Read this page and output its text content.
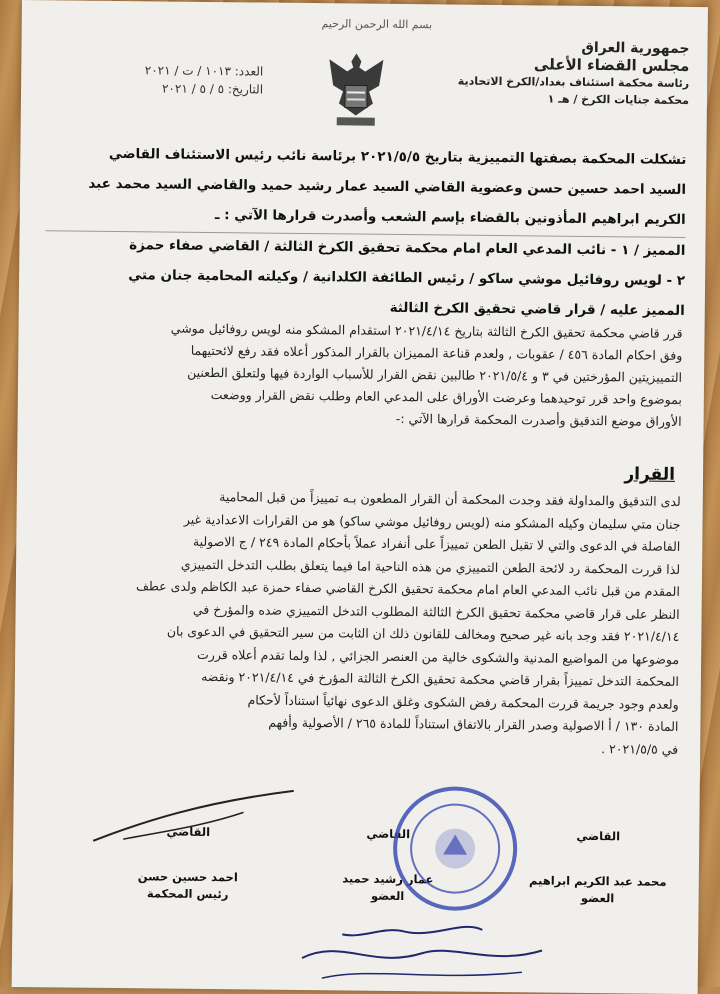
بسم الله الرحمن الرحيم
جمهورية العراق
مجلس القضاء الأعلى
رئاسة محكمة استئناف بغداد/الكرخ الاتحادية
محكمة جنايات الكرخ / هـ ١
العدد: ١٠١٣ / ت / ٢٠٢١
التاريخ: ٥ / ٥ / ٢٠٢١
تشكلت المحكمة بصفتها التمييزية بتاريخ ٢٠٢١/٥/٥ برئاسة نائب رئيس الاستئناف القاضي
السيد احمد حسين حسن وعضوية القاضي السيد عمار رشيد حميد والقاضي السيد محمد عبد
الكريم ابراهيم المأذونين بالقضاء بإسم الشعب وأصدرت قرارها الآتي : ـ
المميز / ١ - نائب المدعي العام امام محكمة تحقيق الكرخ الثالثة / القاضي صفاء حمزة
٢ - لويس روفائيل موشي ساكو / رئيس الطائفة الكلدانية / وكيلته المحامية جنان متي
المميز عليه / قرار قاضي تحقيق الكرخ الثالثة
قرر قاضي محكمة تحقيق الكرخ الثالثة بتاريخ ٢٠٢١/٤/١٤ استقدام المشكو منه لويس روفائيل موشي
وفق احكام المادة ٤٥٦ / عقوبات , ولعدم قناعة المميزان بالقرار المذكور أعلاه فقد رفع لائحتيهما
التمييزيتين المؤرختين في ٣ و ٢٠٢١/٥/٤ طالبين نقض القرار للأسباب الواردة فيها ولتعلق الطعنين
بموضوع واحد قرر توحيدهما وعرضت الأوراق على المدعي العام وطلب نقض القرار ووضعت
الأوراق موضع التدقيق وأصدرت المحكمة قرارها الآتي :-
القرار
لدى التدقيق والمداولة فقد وجدت المحكمة أن القرار المطعون بـه تمييزاً من قبل المحامية
جنان متي سليمان وكيله المشكو منه (لويس روفائيل موشي ساكو) هو من القرارات الاعدادية غير
الفاصلة في الدعوى والتي لا تقبل الطعن تمييزاً على أنفراد عملاً بأحكام المادة ٢٤٩ / ج الاصولية
لذا قررت المحكمة رد لائحة الطعن التمييزي من هذه الناحية اما فيما يتعلق بطلب التدخل التمييزي
المقدم من قبل نائب المدعي العام امام محكمة تحقيق الكرخ القاضي صفاء حمزة عبد الكاظم ولدى عطف
النظر على قرار قاضي محكمة تحقيق الكرخ الثالثة المطلوب التدخل التمييزي ضده والمؤرخ في
٢٠٢١/٤/١٤ فقد وجد بانه غير صحيح ومخالف للقانون ذلك ان الثابت من سير التحقيق في الدعوى بان
موضوعها من المواضيع المدنية والشكوى خالية من العنصر الجزائي , لذا ولما تقدم أعلاه قررت
المحكمة التدخل تمييزاً بقرار قاضي محكمة تحقيق الكرخ الثالثة المؤرخ في ٢٠٢١/٤/١٤ ونقضه
ولعدم وجود جريمة قررت المحكمة رفض الشكوى وغلق الدعوى نهائياً استناداً لأحكام
المادة ١٣٠ / أ الاصولية وصدر القرار بالاتفاق استناداً للمادة ٢٦٥ / الأصولية وأفهم
في ٢٠٢١/٥/٥ .
القاضي
احمد حسين حسن
رئيس المحكمة
القاضي
عمار رشيد حميد
العضو
القاضي
محمد عبد الكريم ابراهيم
العضو
